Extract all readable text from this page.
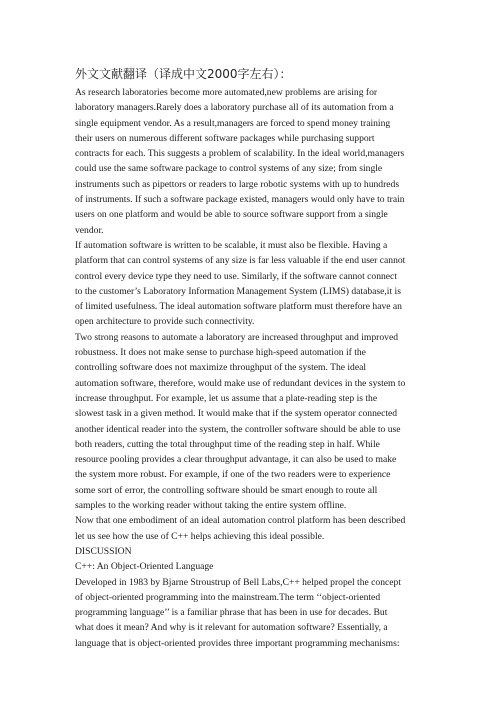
外文文献翻译（译成中文2000字左右）：
As research laboratories become more automated,new problems are arising for
laboratory managers.Rarely does a laboratory purchase all of its automation from a
single equipment vendor. As a result,managers are forced to spend money training
their users on numerous different software packages while purchasing support
contracts for each. This suggests a problem of scalability. In the ideal world,managers
could use the same software package to control systems of any size; from single
instruments such as pipettors or readers to large robotic systems with up to hundreds
of instruments. If such a software package existed, managers would only have to train
users on one platform and would be able to source software support from a single
vendor.
If automation software is written to be scalable, it must also be flexible. Having a
platform that can control systems of any size is far less valuable if the end user cannot
control every device type they need to use. Similarly, if the software cannot connect
to the customer’s Laboratory Information Management System (LIMS) database,it is
of limited usefulness. The ideal automation software platform must therefore have an
open architecture to provide such connectivity.
Two strong reasons to automate a laboratory are increased throughput and improved
robustness. It does not make sense to purchase high-speed automation if the
controlling software does not maximize throughput of the system. The ideal
automation software, therefore, would make use of redundant devices in the system to
increase throughput. For example, let us assume that a plate-reading step is the
slowest task in a given method. It would make that if the system operator connected
another identical reader into the system, the controller software should be able to use
both readers, cutting the total throughput time of the reading step in half. While
resource pooling provides a clear throughput advantage, it can also be used to make
the system more robust. For example, if one of the two readers were to experience
some sort of error, the controlling software should be smart enough to route all
samples to the working reader without taking the entire system offline.
Now that one embodiment of an ideal automation control platform has been described
let us see how the use of C++ helps achieving this ideal possible.
DISCUSSION
C++: An Object-Oriented Language
Developed in 1983 by Bjarne Stroustrup of Bell Labs,C++ helped propel the concept
of object-oriented programming into the mainstream.The term ‘‘object-oriented
programming language’’ is a familiar phrase that has been in use for decades. But
what does it mean? And why is it relevant for automation software? Essentially, a
language that is object-oriented provides three important programming mechanisms:
